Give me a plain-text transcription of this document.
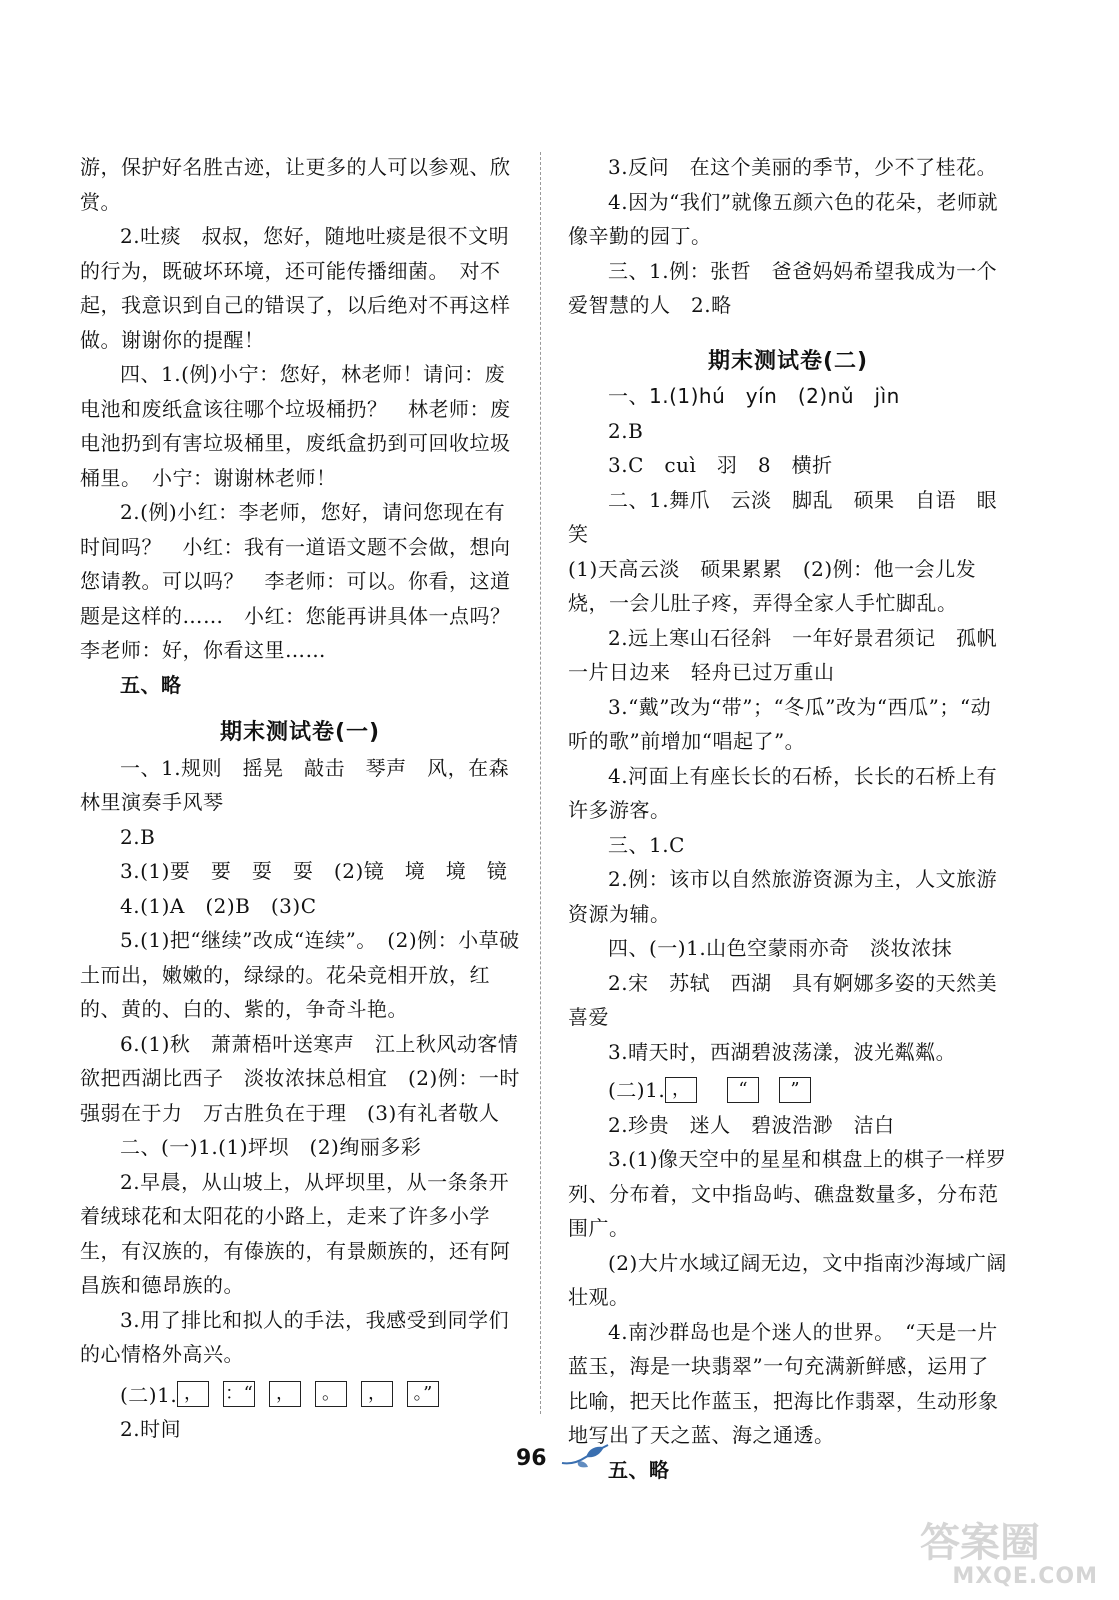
游，保护好名胜古迹，让更多的人可以参观、欣赏。

2.吐痰　叔叔，您好，随地吐痰是很不文明的行为，既破坏环境，还可能传播细菌。　对不起，我意识到自己的错误了，以后绝对不再这样做。谢谢你的提醒！

四、1.(例)小宁：您好，林老师！请问：废电池和废纸盒该往哪个垃圾桶扔？　林老师：废电池扔到有害垃圾桶里，废纸盒扔到可回收垃圾桶里。　小宁：谢谢林老师！

2.(例)小红：李老师，您好，请问您现在有时间吗？　小红：我有一道语文题不会做，想向您请教。可以吗？　李老师：可以。你看，这道题是这样的……　小红：您能再讲具体一点吗？　李老师：好，你看这里……

五、略

期末测试卷(一)

一、1.规则　摇晃　敲击　琴声　风，在森林里演奏手风琴

2.B

3.(1)要　要　耍　耍　(2)镜　境　境　镜

4.(1)A　(2)B　(3)C

5.(1)把“继续”改成“连续”。　(2)例：小草破土而出，嫩嫩的，绿绿的。花朵竞相开放，红的、黄的、白的、紫的，争奇斗艳。

6.(1)秋　萧萧梧叶送寒声　江上秋风动客情　欲把西湖比西子　淡妆浓抹总相宜　(2)例：一时强弱在于力　万古胜负在于理　(3)有礼者敬人

二、(一)1.(1)坪坝　(2)绚丽多彩

2.早晨，从山坡上，从坪坝里，从一条条开着绒球花和太阳花的小路上，走来了许多小学生，有汉族的，有傣族的，有景颇族的，还有阿昌族和德昂族的。

3.用了排比和拟人的手法，我感受到同学们的心情格外高兴。

(二)1. ， ：“ ， 。 ， 。”

2.时间

3.反问　在这个美丽的季节，少不了桂花。

4.因为“我们”就像五颜六色的花朵，老师就像辛勤的园丁。

三、1.例：张哲　爸爸妈妈希望我成为一个爱智慧的人　2.略

期末测试卷(二)

一、1.(1)hú　yín　(2)nǔ　jìn

2.B

3.C　cuì　羽　8　横折

二、1.舞爪　云淡　脚乱　硕果　自语　眼笑

(1)天高云淡　硕果累累　(2)例：他一会儿发烧，一会儿肚子疼，弄得全家人手忙脚乱。

2.远上寒山石径斜　一年好景君须记　孤帆一片日边来　轻舟已过万重山

3.“戴”改为“带”；“冬瓜”改为“西瓜”；“动听的歌”前增加“唱起了”。

4.河面上有座长长的石桥，长长的石桥上有许多游客。

三、1.C

2.例：该市以自然旅游资源为主，人文旅游资源为辅。

四、(一)1.山色空蒙雨亦奇　淡妆浓抹

2.宋　苏轼　西湖　具有婀娜多姿的天然美　喜爱

3.晴天时，西湖碧波荡漾，波光粼粼。

(二)1. ，	“ ”

2.珍贵　迷人　碧波浩渺　洁白

3.(1)像天空中的星星和棋盘上的棋子一样罗列、分布着，文中指岛屿、礁盘数量多，分布范围广。

(2)大片水域辽阔无边，文中指南沙海域广阔壮观。

4.南沙群岛也是个迷人的世界。　“天是一片蓝玉，海是一块翡翠”一句充满新鲜感，运用了比喻，把天比作蓝玉，把海比作翡翠，生动形象地写出了天之蓝、海之通透。

五、略

96
答案圈
MXQE.COM
